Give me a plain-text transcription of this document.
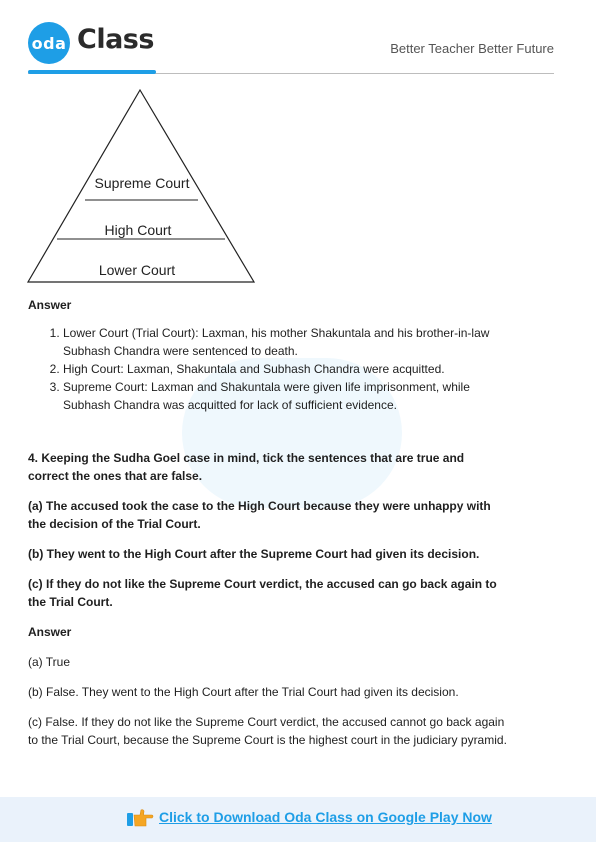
oda Class	Better Teacher Better Future
Supreme Court
High Court
Lower Court

Answer

1. Lower Court (Trial Court): Laxman, his mother Shakuntala and his brother-in-law Subhash Chandra were sentenced to death.
2. High Court: Laxman, Shakuntala and Subhash Chandra were acquitted.
3. Supreme Court: Laxman and Shakuntala were given life imprisonment, while Subhash Chandra was acquitted for lack of sufficient evidence.

4. Keeping the Sudha Goel case in mind, tick the sentences that are true and correct the ones that are false.

(a) The accused took the case to the High Court because they were unhappy with the decision of the Trial Court.

(b) They went to the High Court after the Supreme Court had given its decision.

(c) If they do not like the Supreme Court verdict, the accused can go back again to the Trial Court.

Answer

(a) True

(b) False. They went to the High Court after the Trial Court had given its decision.

(c) False. If they do not like the Supreme Court verdict, the accused cannot go back again to the Trial Court, because the Supreme Court is the highest court in the judiciary pyramid.

Click to Download Oda Class on Google Play Now
